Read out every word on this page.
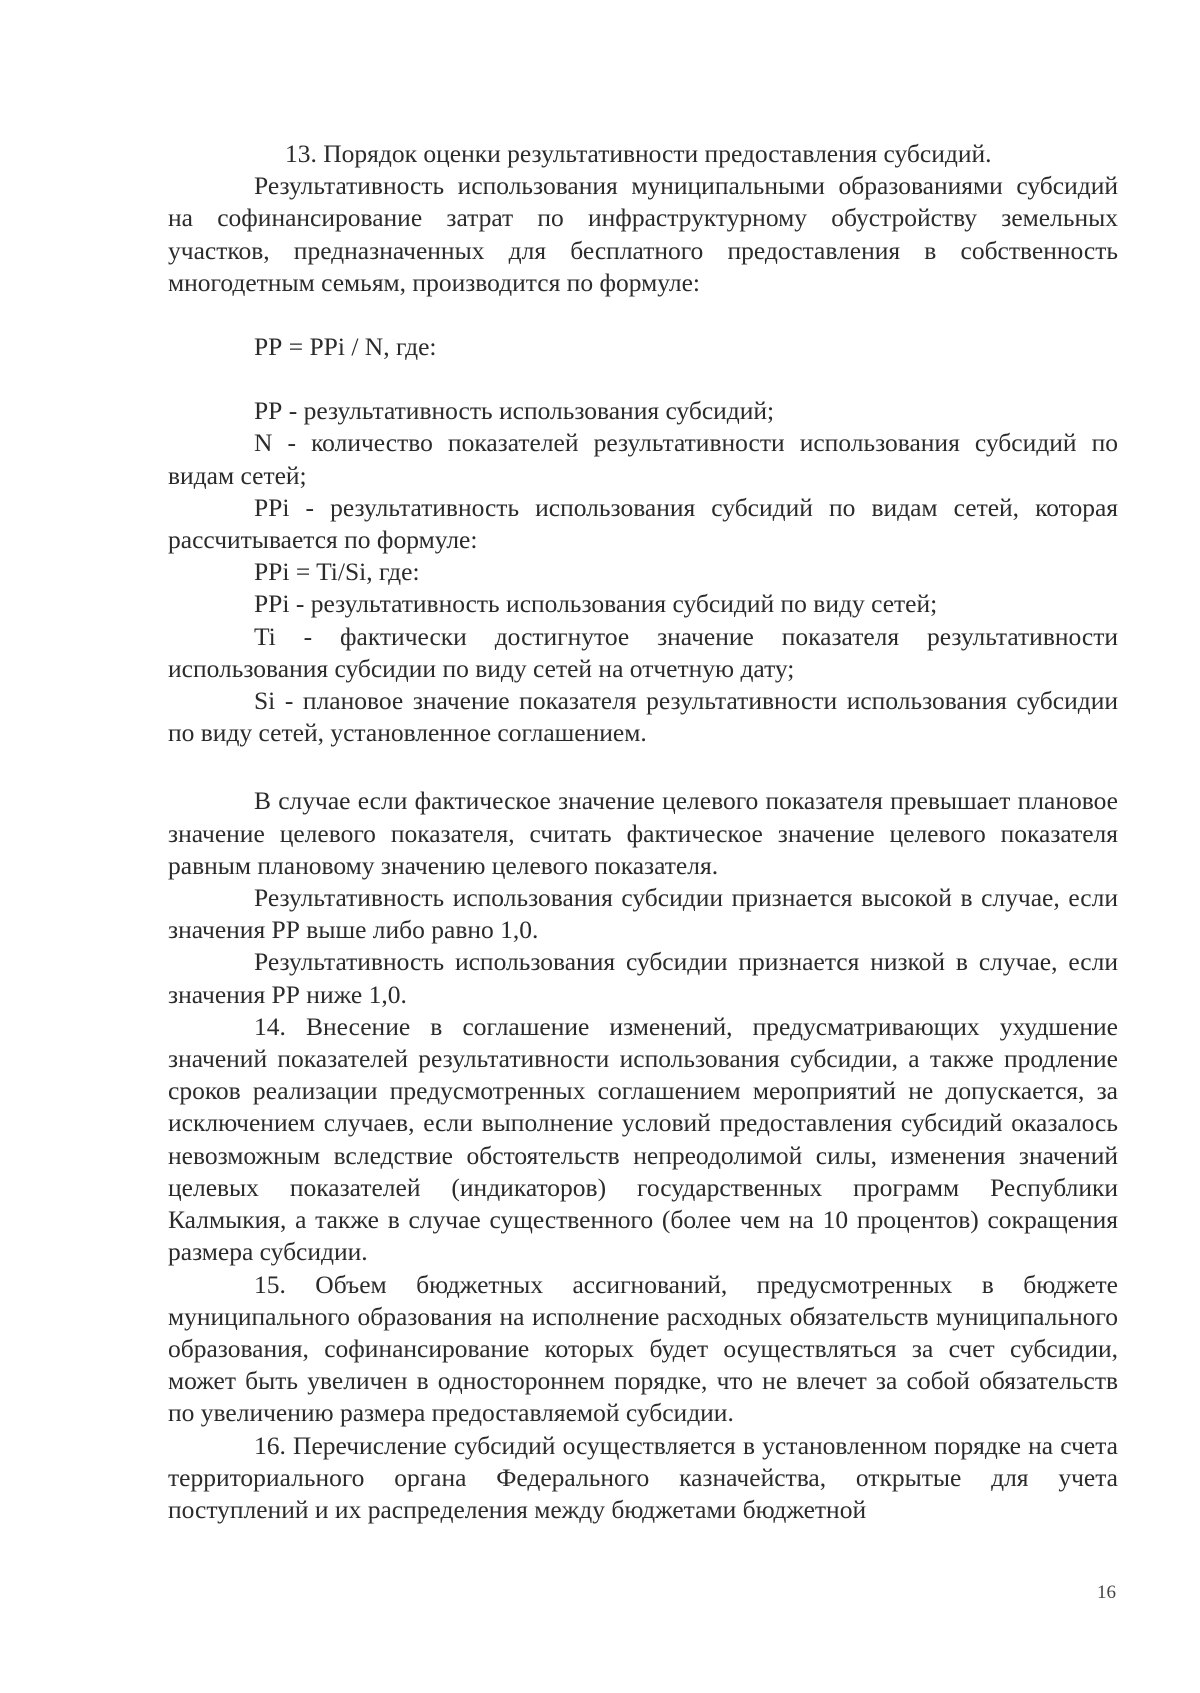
13. Порядок оценки результативности предоставления субсидий.

Результативность использования муниципальными образованиями субсидий на софинансирование затрат по инфраструктурному обустройству земельных участков, предназначенных для бесплатного предоставления в собственность многодетным семьям, производится по формуле:

РР = РРi / N, где:

РР - результативность использования субсидий;

N - количество показателей результативности использования субсидий по видам сетей;

РРi - результативность использования субсидий по видам сетей, которая рассчитывается по формуле:

РРi = Ti/Si, где:

РРi - результативность использования субсидий по виду сетей;

Ti - фактически достигнутое значение показателя результативности использования субсидии по виду сетей на отчетную дату;

Si - плановое значение показателя результативности использования субсидии по виду сетей, установленное соглашением.

В случае если фактическое значение целевого показателя превышает плановое значение целевого показателя, считать фактическое значение целевого показателя равным плановому значению целевого показателя.

Результативность использования субсидии признается высокой в случае, если значения РР выше либо равно 1,0.

Результативность использования субсидии признается низкой в случае, если значения РР ниже 1,0.

14. Внесение в соглашение изменений, предусматривающих ухудшение значений показателей результативности использования субсидии, а также продление сроков реализации предусмотренных соглашением мероприятий не допускается, за исключением случаев, если выполнение условий предоставления субсидий оказалось невозможным вследствие обстоятельств непреодолимой силы, изменения значений целевых показателей (индикаторов) государственных программ Республики Калмыкия, а также в случае существенного (более чем на 10 процентов) сокращения размера субсидии.

15. Объем бюджетных ассигнований, предусмотренных в бюджете муниципального образования на исполнение расходных обязательств муниципального образования, софинансирование которых будет осуществляться за счет субсидии, может быть увеличен в одностороннем порядке, что не влечет за собой обязательств по увеличению размера предоставляемой субсидии.

16. Перечисление субсидий осуществляется в установленном порядке на счета территориального органа Федерального казначейства, открытые для учета поступлений и их распределения между бюджетами бюджетной

16
